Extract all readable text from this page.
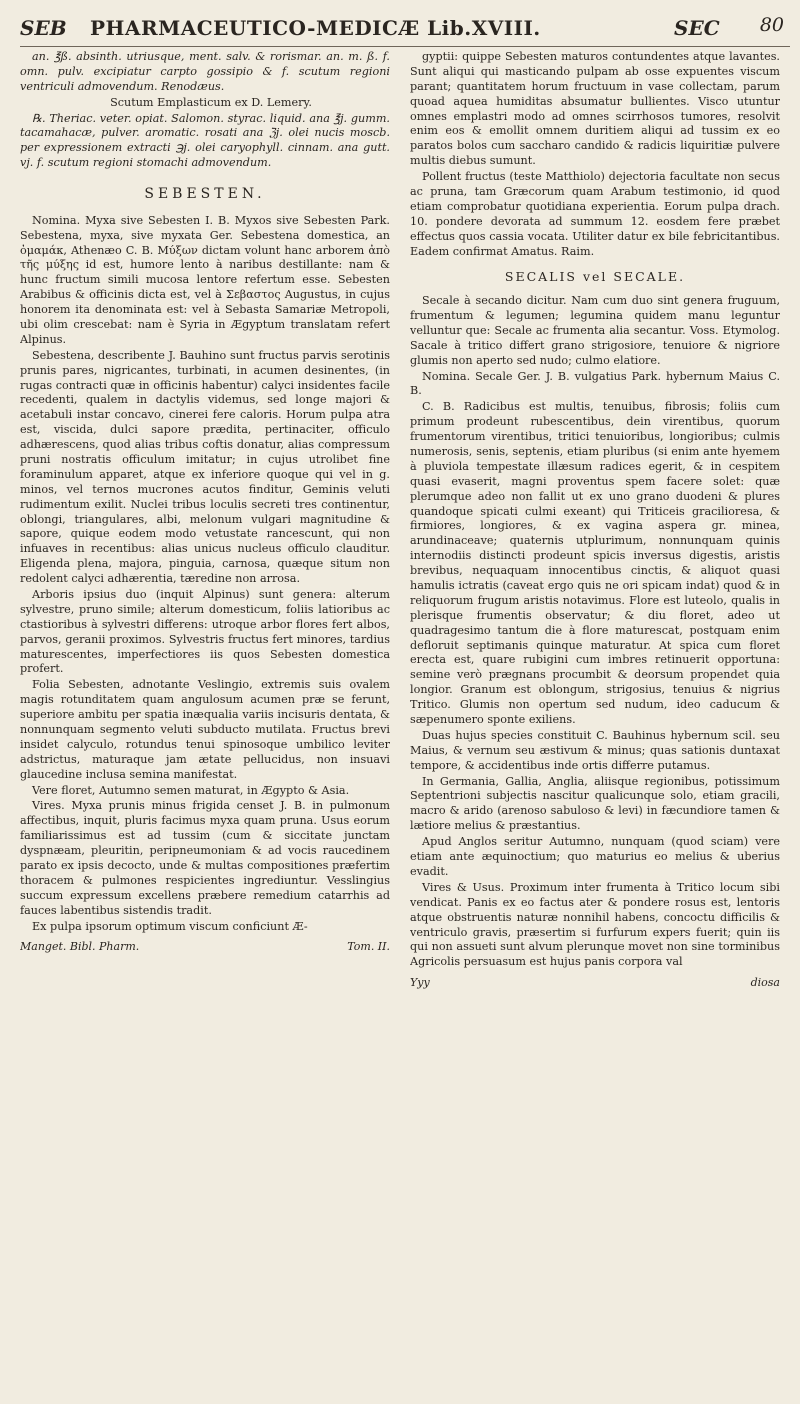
SEB PHARMACEUTICO-MEDICÆ Lib.XVIII.	SEC 80

an. ℥ß. absinth. utriusque, ment. salv. & rorismar. an. m. ß. f. omn. pulv. excipiatur carpto gossipio & f. scutum regioni ventriculi admovendum. Renodæus.

Scutum Emplasticum ex D. Lemery.

℞. Theriac. veter. opiat. Salomon. styrac. liquid. ana ℥j. gumm. tacamahacæ, pulver. aromatic. rosati ana ℨj. olei nucis moscb. per expressionem extracti ℈j. olei caryophyll. cinnam. ana gutt. vj. f. scutum regioni stomachi admovendum.

SEBESTEN.

Nomina. Myxa sive Sebesten I. B. Myxos sive Sebesten Park. Sebestena, myxa, sive myxata Ger. Sebestena domestica, an ὀμαμάκ, Athenæo C. B. Μύξων dictam volunt hanc arborem ἀπὸ τῆς μύξης id est, humore lento à naribus destillante: nam & hunc fructum simili mucosa lentore refertum esse. Sebesten Arabibus & officinis dicta est, vel à Σεβαστος Augustus, in cujus honorem ita denominata est: vel à Sebasta Samariæ Metropoli, ubi olim crescebat: nam è Syria in Ægyptum translatam refert Alpinus.

Sebestena, describente J. Bauhino sunt fructus parvis serotinis prunis pares, nigricantes, turbinati, in acumen desinentes, (in rugas contracti quæ in officinis habentur) calyci insidentes facile recedenti, qualem in dactylis videmus, sed longe majori & acetabuli instar concavo, cinerei fere caloris. Horum pulpa atra est, viscida, dulci sapore prædita, pertinaciter, officulo adhærescens, quod alias tribus coftis donatur, alias compressum pruni nostratis officulum imitatur; in cujus utrolibet fine foraminulum apparet, atque ex inferiore quoque qui vel in g. minos, vel ternos mucrones acutos finditur, Geminis veluti rudimentum exilit. Nuclei tribus loculis secreti tres continentur, oblongi, triangulares, albi, melonum vulgari magnitudine & sapore, quique eodem modo vetustate rancescunt, qui non infuaves in recentibus: alias unicus nucleus officulo clauditur. Eligenda plena, majora, pinguia, carnosa, quæque situm non redolent calyci adhærentia, tæredine non arrosa.

Arboris ipsius duo (inquit Alpinus) sunt genera: alterum sylvestre, pruno simile; alterum domesticum, foliis latioribus ac ctastioribus à sylvestri differens: utroque arbor flores fert albos, parvos, geranii proximos. Sylvestris fructus fert minores, tardius maturescentes, imperfectiores iis quos Sebesten domestica profert.

Folia Sebesten, adnotante Veslingio, extremis suis ovalem magis rotunditatem quam angulosum acumen præ se ferunt, superiore ambitu per spatia inæqualia variis incisuris dentata, & nonnunquam segmento veluti subducto mutilata. Fructus brevi insidet calyculo, rotundus tenui spinosoque umbilico leviter adstrictus, maturaque jam ætate pellucidus, non insuavi glaucedine inclusa semina manifestat.

Vere floret, Autumno semen maturat, in Ægypto & Asia.

Vires. Myxa prunis minus frigida censet J. B. in pulmonum affectibus, inquit, pluris facimus myxa quam pruna. Usus eorum familiarissimus est ad tussim (cum & siccitate junctam dyspnæam, pleuritin, peripneumoniam & ad vocis raucedinem parato ex ipsis decocto, unde & multas compositiones præfertim thoracem & pulmones respicientes ingrediuntur. Vesslingius succum expressum excellens præbere remedium catarrhis ad fauces labentibus sistendis tradit.

Ex pulpa ipsorum optimum viscum conficiunt Æ-

Manget. Bibl. Pharm.	Tom. II.

gyptii: quippe Sebesten maturos contundentes atque lavantes. Sunt aliqui qui masticando pulpam ab osse expuentes viscum parant; quantitatem horum fructuum in vase collectam, parum quoad aquea humiditas absumatur bullientes. Visco utuntur omnes emplastri modo ad omnes scirrhosos tumores, resolvit enim eos & emollit omnem duritiem aliqui ad tussim ex eo paratos bolos cum saccharo candido & radicis liquiritiæ pulvere multis diebus sumunt.

Pollent fructus (teste Matthiolo) dejectoria facultate non secus ac pruna, tam Græcorum quam Arabum testimonio, id quod etiam comprobatur quotidiana experientia. Eorum pulpa drach. 10. pondere devorata ad summum 12. eosdem fere præbet effectus quos cassia vocata. Utiliter datur ex bile febricitantibus. Eadem confirmat Amatus. Raim.

SECALIS vel SECALE.

Secale à secando dicitur. Nam cum duo sint genera fruguum, frumentum & legumen; legumina quidem manu leguntur velluntur que: Secale ac frumenta alia secantur. Voss. Etymolog. Sacale à tritico differt grano strigosiore, tenuiore & nigriore glumis non aperto sed nudo; culmo elatiore.

Nomina. Secale Ger. J. B. vulgatius Park. hybernum Maius C. B.

C. B. Radicibus est multis, tenuibus, fibrosis; foliis cum primum prodeunt rubescentibus, dein virentibus, quorum frumentorum virentibus, tritici tenuioribus, longioribus; culmis numerosis, senis, septenis, etiam pluribus (si enim ante hyemem à pluviola tempestate illæsum radices egerit, & in cespitem quasi evaserit, magni proventus spem facere solet: quæ plerumque adeo non fallit ut ex uno grano duodeni & plures quandoque spicati culmi exeant) qui Triticeis gracilioresa, & firmiores, longiores, & ex vagina aspera gr. minea, arundinaceave; quaternis utplurimum, nonnunquam quinis internodiis distincti prodeunt spicis inversus digestis, aristis brevibus, nequaquam innocentibus cinctis, & aliquot quasi hamulis ictratis (caveat ergo quis ne ori spicam indat) quod & in reliquorum frugum aristis notavimus. Flore est luteolo, qualis in plerisque frumentis observatur; & diu floret, adeo ut quadragesimo tantum die à flore maturescat, postquam enim defloruit septimanis quinque maturatur. At spica cum floret erecta est, quare rubigini cum imbres retinuerit opportuna: semine verò prægnans procumbit & deorsum propendet quia longior. Granum est oblongum, strigosius, tenuius & nigrius Tritico. Glumis non opertum sed nudum, ideo caducum & sæpenumero sponte exiliens.

Duas hujus species constituit C. Bauhinus hybernum scil. seu Maius, & vernum seu æstivum & minus; quas sationis duntaxat tempore, & accidentibus inde ortis differre putamus.

In Germania, Gallia, Anglia, aliisque regionibus, potissimum Septentrioni subjectis nascitur qualicunque solo, etiam gracili, macro & arido (arenoso sabuloso & levi) in fæcundiore tamen & lætiore melius & præstantius.

Apud Anglos seritur Autumno, nunquam (quod sciam) vere etiam ante æquinoctium; quo maturius eo melius & uberius evadit.

Vires & Usus. Proximum inter frumenta à Tritico locum sibi vendicat. Panis ex eo factus ater & pondere rosus est, lentoris atque obstruentis naturæ nonnihil habens, concoctu difficilis & ventriculo gravis, præsertim si furfurum expers fuerit; quin iis qui non assueti sunt alvum plerunque movet non sine torminibus Agricolis persuasum est hujus panis corpora val

Yyy	diosa
